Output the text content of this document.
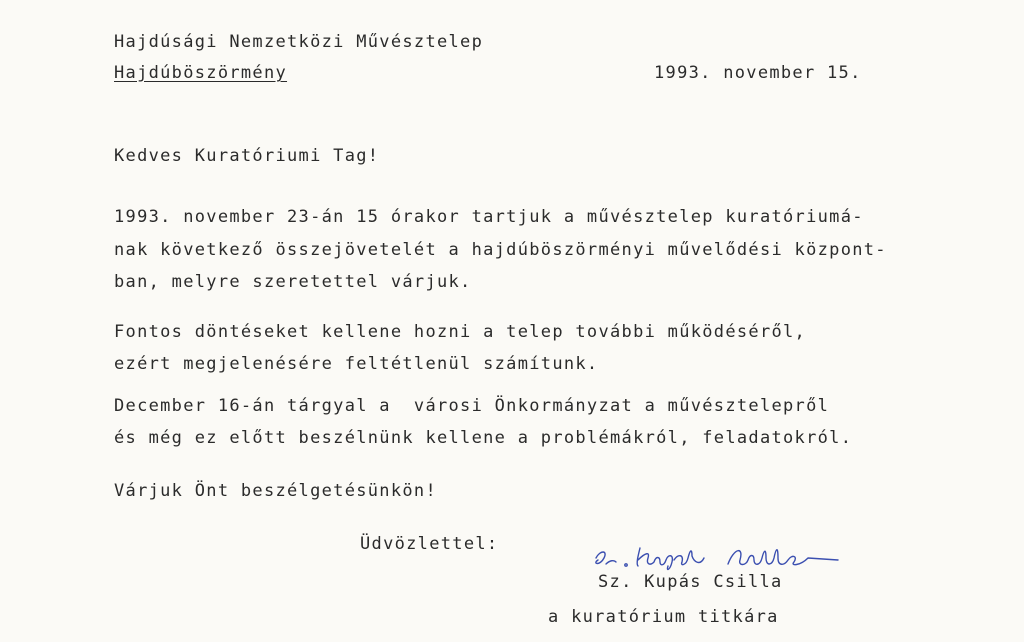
Hajdúsági Nemzetközi Művésztelep
Hajdúböszörmény	1993. november 15.
Kedves Kuratóriumi Tag!
1993. november 23-án 15 órakor tartjuk a művésztelep kuratóriumá-
nak következő összejövetelét a hajdúböszörményi művelődési központ-
ban, melyre szeretettel várjuk.
Fontos döntéseket kellene hozni a telep további működéséről,
ezért megjelenésére feltétlenül számítunk.
December 16-án tárgyal a  városi Önkormányzat a művésztelepről
és még ez előtt beszélnünk kellene a problémákról, feladatokról.
Várjuk Önt beszélgetésünkön!
Üdvözlettel:
Sz. Kupás Csilla
a kuratórium titkára
